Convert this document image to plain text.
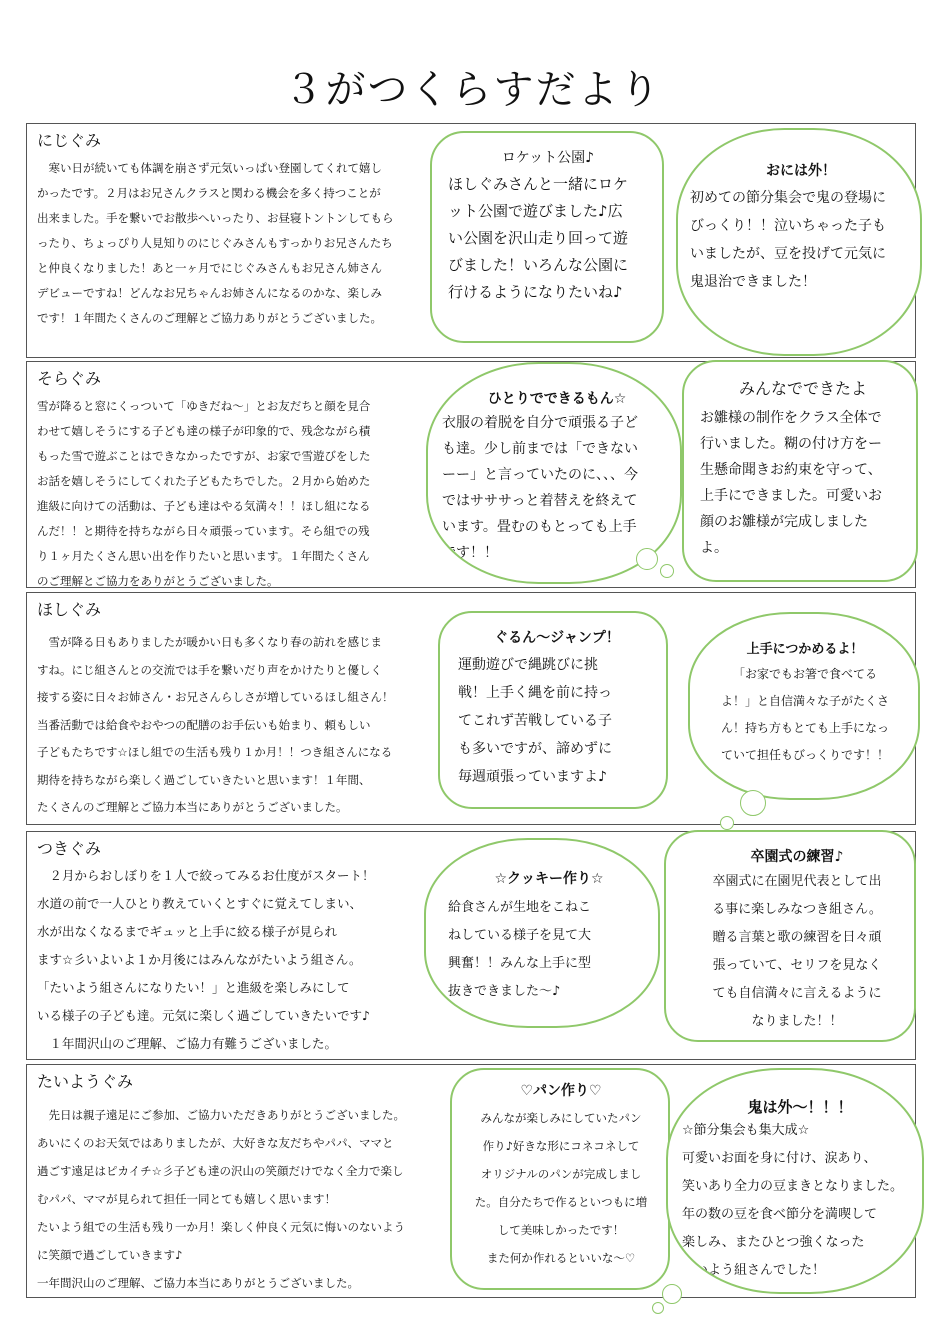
３がつくらすだより
にじぐみ

　寒い日が続いても体調を崩さず元気いっぱい登園してくれて嬉し
かったです。２月はお兄さんクラスと関わる機会を多く持つことが
出来ました。手を繋いでお散歩へいったり、お昼寝トントンしてもら
ったり、ちょっぴり人見知りのにじぐみさんもすっかりお兄さんたち
と仲良くなりました！あと一ヶ月でにじぐみさんもお兄さん姉さん
デビューですね！どんなお兄ちゃんお姉さんになるのかな、楽しみ
です！１年間たくさんのご理解とご協力ありがとうございました。

ロケット公園♪

ほしぐみさんと一緒にロケ
ット公園で遊びました♪広
い公園を沢山走り回って遊
びました！いろんな公園に
行けるようになりたいね♪

おには外！

初めての節分集会で鬼の登場に
びっくり！！泣いちゃった子も
いましたが、豆を投げて元気に
鬼退治できました！

そらぐみ

雪が降ると窓にくっついて「ゆきだね～」とお友だちと顔を見合
わせて嬉しそうにする子ども達の様子が印象的で、残念ながら積
もった雪で遊ぶことはできなかったですが、お家で雪遊びをした
お話を嬉しそうにしてくれた子どもたちでした。２月から始めた
進級に向けての活動は、子ども達はやる気満々！！ほし組になる
んだ！！と期待を持ちながら日々頑張っています。そら組での残
り１ヶ月たくさん思い出を作りたいと思います。１年間たくさん
のご理解とご協力をありがとうございました。

ひとりでできるもん☆

衣服の着脱を自分で頑張る子ど
も達。少し前までは「できない
ーー」と言っていたのに、、、今
ではサササっと着替えを終えて
います。畳むのもとっても上手
です！！

みんなでできたよ

お雛様の制作をクラス全体で
行いました。糊の付け方をー
生懸命聞きお約束を守って、
上手にできました。可愛いお
顔のお雛様が完成しました
よ。

ほしぐみ

　雪が降る日もありましたが暖かい日も多くなり春の訪れを感じま
すね。にじ組さんとの交流では手を繋いだり声をかけたりと優しく
接する姿に日々お姉さん・お兄さんらしさが増しているほし組さん！
当番活動では給食やおやつの配膳のお手伝いも始まり、頼もしい
子どもたちです☆ほし組での生活も残り１か月！！つき組さんになる
期待を持ちながら楽しく過ごしていきたいと思います！１年間、
たくさんのご理解とご協力本当にありがとうございました。

ぐるん～ジャンプ！

運動遊びで縄跳びに挑
戦！上手く縄を前に持っ
てこれず苦戦している子
も多いですが、諦めずに
毎週頑張っていますよ♪

上手につかめるよ！

「お家でもお箸で食べてる
よ！」と自信満々な子がたくさ
ん！持ち方もとても上手になっ
ていて担任もびっくりです！！

つきぐみ

　２月からおしぼりを１人で絞ってみるお仕度がスタート！
水道の前で一人ひとり教えていくとすぐに覚えてしまい、
水が出なくなるまでギュッと上手に絞る様子が見られ
ます☆彡いよいよ１か月後にはみんながたいよう組さん。
「たいよう組さんになりたい！」と進級を楽しみにして
いる様子の子ども達。元気に楽しく過ごしていきたいです♪
　１年間沢山のご理解、ご協力有難うございました。

☆クッキー作り☆

給食さんが生地をこねこ
ねしている様子を見て大
興奮！！みんな上手に型
抜きできました～♪

卒園式の練習♪

卒園式に在園児代表として出
る事に楽しみなつき組さん。
贈る言葉と歌の練習を日々頑
張っていて、セリフを見なく
ても自信満々に言えるように
なりました！！

たいようぐみ

　先日は親子遠足にご参加、ご協力いただきありがとうございました。
あいにくのお天気ではありましたが、大好きな友だちやパパ、ママと
過ごす遠足はピカイチ☆彡子ども達の沢山の笑顔だけでなく全力で楽し
むパパ、ママが見られて担任一同とても嬉しく思います！
たいよう組での生活も残り一か月！楽しく仲良く元気に悔いのないよう
に笑顔で過ごしていきます♪
一年間沢山のご理解、ご協力本当にありがとうございました。

♡パン作り♡

みんなが楽しみにしていたパン
作り♪好きな形にコネコネして
オリジナルのパンが完成しまし
た。自分たちで作るといつもに増
して美味しかったです！
また何か作れるといいな～♡

鬼は外～！！！

☆節分集会も集大成☆
可愛いお面を身に付け、涙あり、
笑いあり全力の豆まきとなりました。
年の数の豆を食べ節分を満喫して
楽しみ、またひとつ強くなった
たいよう組さんでした！
